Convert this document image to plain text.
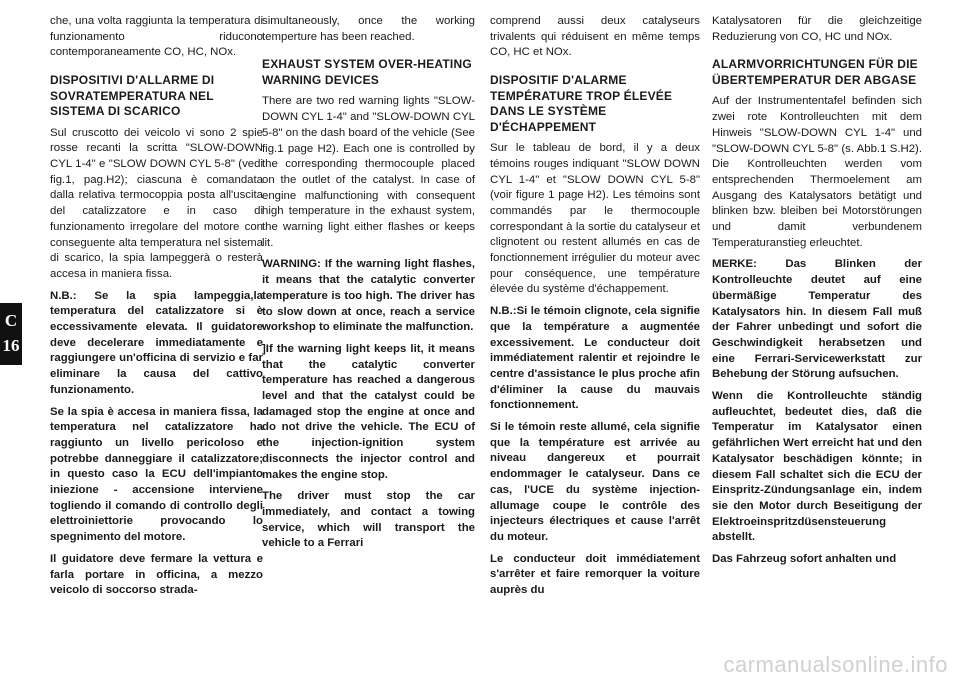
C
16

che, una volta raggiunta la temperatura di funzionamento riducono contemporaneamente CO, HC, NOx.

DISPOSITIVI D'ALLARME DI SOVRATEMPERATURA NEL SISTEMA DI SCARICO

Sul cruscotto dei veicolo vi sono 2 spie rosse recanti la scritta "SLOW-DOWN CYL 1-4" e "SLOW DOWN CYL 5-8" (vedi fig.1, pag.H2); ciascuna è comandata dalla relativa termocoppia posta all'uscita del catalizzatore e in caso di funzionamento irregolare del motore con conseguente alta temperatura nel sistema di scarico, la spia lampeggerà o resterà accesa in maniera fissa.

N.B.: Se la spia lampeggia,la temperatura del catalizzatore si è eccessivamente elevata. Il guidatore deve decelerare immediatamente e raggiungere un'officina di servizio e far eliminare la causa del cattivo funzionamento.

Se la spia è accesa in maniera fissa, la temperatura nel catalizzatore ha raggiunto un livello pericoloso e potrebbe danneggiare il catalizzatore; in questo caso la ECU dell'impianto iniezione - accensione interviene togliendo il comando di controllo degli elettroiniettorie provocando lo spegnimento del motore.

Il guidatore deve fermare la vettura e farla portare in officina, a mezzo veicolo di soccorso strada-

simultaneously, once the working temperture has been reached.

EXHAUST SYSTEM OVER-HEATING WARNING DEVICES

There are two red warning lights "SLOW-DOWN CYL 1-4" and "SLOW-DOWN CYL 5-8" on the dash board of the vehicle (See fig.1 page H2). Each one is controlled by the corresponding thermocouple placed on the outlet of the catalyst. In case of engine malfunctioning with consequent high temperature in the exhaust system, the warning light either flashes or keeps lit.

WARNING: If the warning light flashes, it means that the catalytic converter temperature is too high. The driver has to slow down at once, reach a service workshop to eliminate the malfunction.

]If the warning light keeps lit, it means that the catalytic converter temperature has reached a dangerous level and that the catalyst could be damaged stop the engine at once and do not drive the vehicle. The ECU of the injection-ignition system disconnects the injector control and makes the engine stop.

The driver must stop the car immediately, and contact a towing service, which will transport the vehicle to a Ferrari

comprend aussi deux catalyseurs trivalents qui réduisent en même temps CO, HC et NOx.

DISPOSITIF D'ALARME TEMPÉRATURE TROP ÉLEVÉE DANS LE SYSTÈME D'ÉCHAPPEMENT

Sur le tableau de bord, il y a deux témoins rouges indiquant "SLOW DOWN CYL 1-4" et "SLOW DOWN CYL 5-8" (voir figure 1 page H2). Les témoins sont commandés par le thermocouple correspondant à la sortie du catalyseur et clignotent ou restent allumés en cas de fonctionnement irrégulier du moteur avec pour conséquence, une température élevée du système d'échappement.

N.B.:Si le témoin clignote, cela signifie que la température a augmentée excessivement. Le conducteur doit immédiatement ralentir et rejoindre le centre d'assistance le plus proche afin d'éliminer la cause du mauvais fonctionnement.

Si le témoin reste allumé, cela signifie que la température est arrivée au niveau dangereux et pourrait endommager le catalyseur. Dans ce cas, l'UCE du système injection-allumage coupe le contrôle des injecteurs électriques et cause l'arrêt du moteur.

Le conducteur doit immédiatement s'arrêter et faire remorquer la voiture auprès du

Katalysatoren für die gleichzeitige Reduzierung von CO, HC und NOx.

ALARMVORRICHTUNGEN FÜR DIE ÜBERTEMPERATUR DER ABGASE

Auf der Instrumententafel befinden sich zwei rote Kontrolleuchten mit dem Hinweis "SLOW-DOWN CYL 1-4" und "SLOW-DOWN CYL 5-8" (s. Abb.1 S.H2). Die Kontrolleuchten werden vom entsprechenden Thermoelement am Ausgang des Katalysators betätigt und blinken bzw. bleiben bei Motorstörungen und damit verbundenem Temperaturanstieg erleuchtet.

MERKE: Das Blinken der Kontrolleuchte deutet auf eine übermäßige Temperatur des Katalysators hin. In diesem Fall muß der Fahrer unbedingt und sofort die Geschwindigkeit herabsetzen und eine Ferrari-Servicewerkstatt zur Behebung der Störung aufsuchen.

Wenn die Kontrolleuchte ständig aufleuchtet, bedeutet dies, daß die Temperatur im Katalysator einen gefährlichen Wert erreicht hat und den Katalysator beschädigen könnte; in diesem Fall schaltet sich die ECU der Einspritz-Zündungsanlage ein, indem sie den Motor durch Beseitigung der Elektroeinspritzdüsensteuerung abstellt.

Das Fahrzeug sofort anhalten und

carmanualsonline.info
